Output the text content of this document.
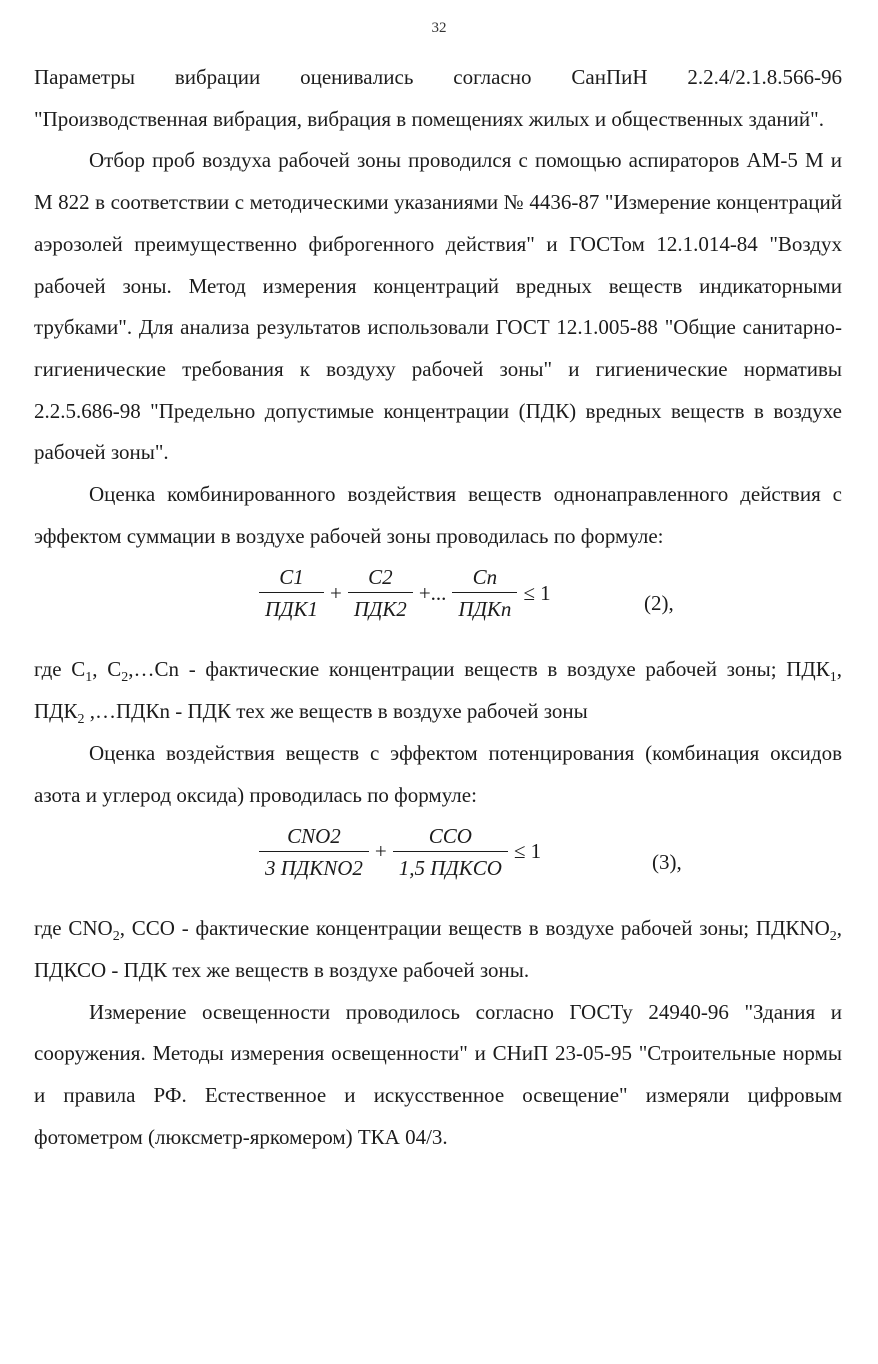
32

Параметры вибрации оценивались согласно СанПиН 2.2.4/2.1.8.566-96 "Производственная вибрация, вибрация в помещениях жилых и общественных зданий".

Отбор проб воздуха рабочей зоны проводился с помощью аспираторов АМ-5 М и М 822 в соответствии с методическими указаниями № 4436-87 "Измерение концентраций аэрозолей преимущественно фиброгенного действия" и ГОСТом 12.1.014-84 "Воздух рабочей зоны. Метод измерения концентраций вредных веществ индикаторными трубками". Для анализа результатов использовали ГОСТ 12.1.005-88 "Общие санитарно-гигиенические требования к воздуху рабочей зоны" и гигиенические нормативы 2.2.5.686-98 "Предельно допустимые концентрации (ПДК) вредных веществ в воздухе рабочей зоны".

Оценка комбинированного воздействия веществ однонаправленного действия с эффектом суммации в воздухе рабочей зоны проводилась по формуле:

$\frac{C1}{\text{ПДК1}} + \frac{C2}{\text{ПДК2}}$ +... $\frac{Cn}{\text{ПДКn}} \le 1$	(2),

где $С_1$, $С_2,\dots Cn$ - фактические концентрации веществ в воздухе рабочей зоны; $ПДК_1$, $ПДК_2$ ,…ПДКn - ПДК тех же веществ в воздухе рабочей зоны

Оценка воздействия веществ с эффектом потенцирования (комбинация оксидов азота и углерод оксида) проводилась по формуле:

$\frac{\text{CNO2}}{\text{3 ПДКNO2}} + \frac{\text{CCO}}{\text{1,5 ПДКCO}} \le 1$	(3),

где $CNO_2$, ССО - фактические концентрации веществ в воздухе рабочей зоны; $ПДКNO_2$, ПДКСО - ПДК тех же веществ в воздухе рабочей зоны.

Измерение освещенности проводилось согласно ГОСТу 24940-96 "Здания и сооружения. Методы измерения освещенности" и СНиП 23-05-95 "Строительные нормы и правила РФ. Естественное и искусственное освещение" измеряли цифровым фотометром (люксметр-яркомером) ТКА 04/3.
